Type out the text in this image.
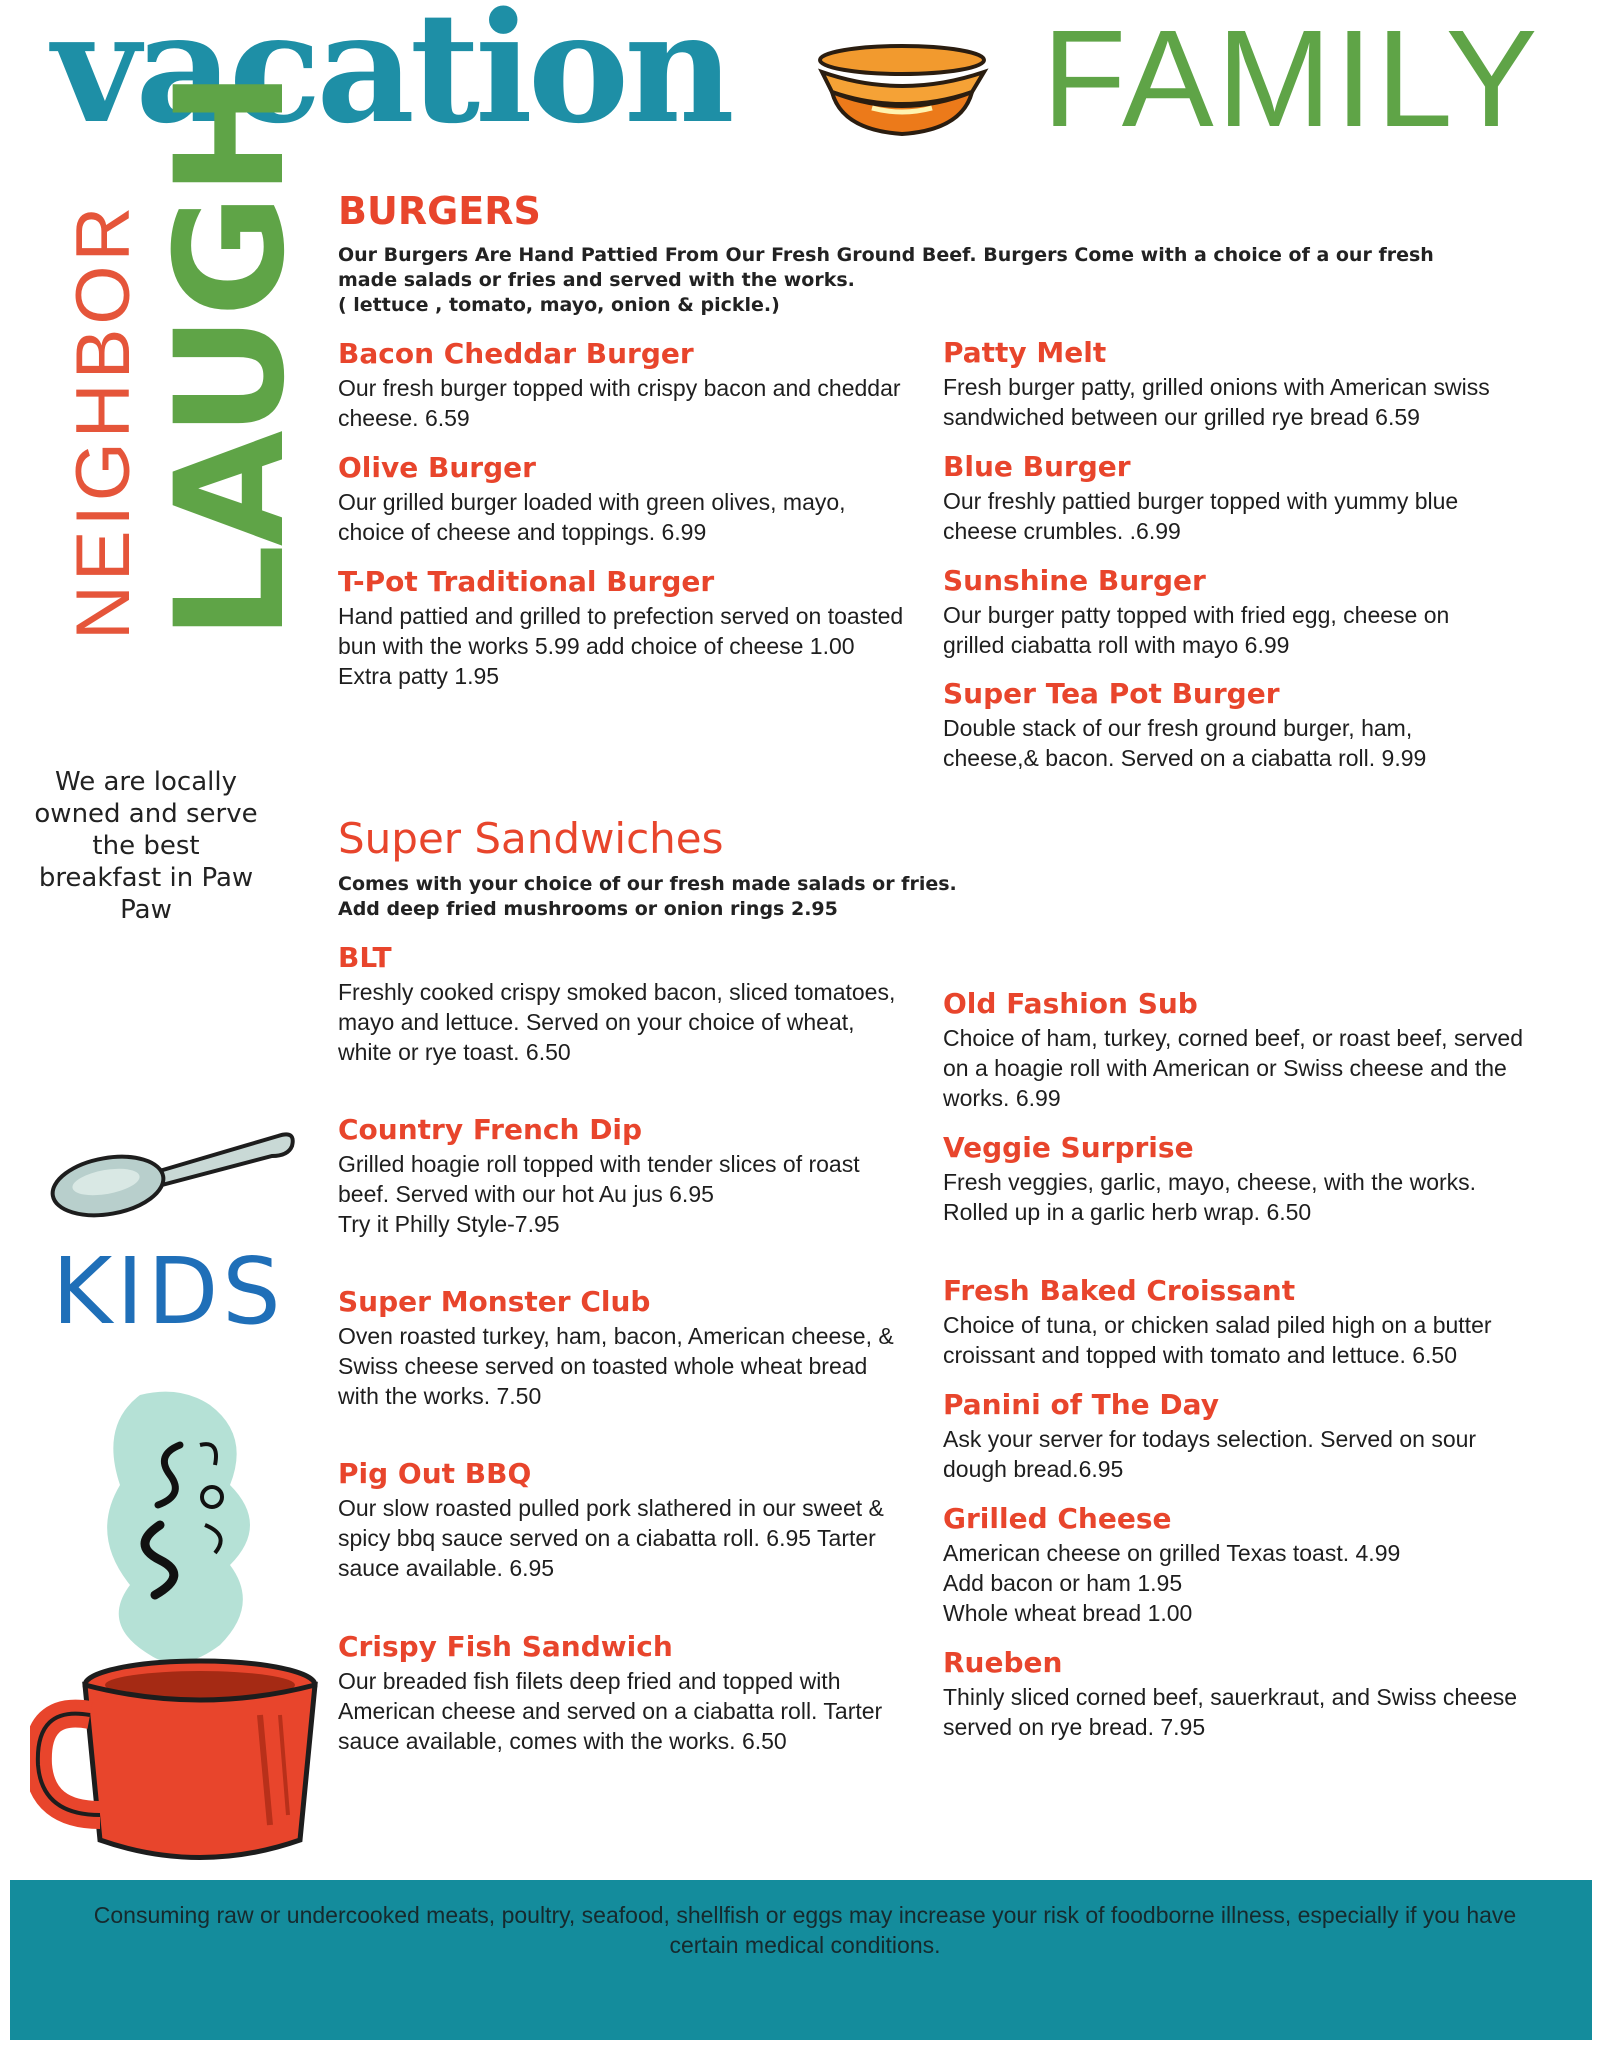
vacation FAMILY
NEIGHBOR
LAUGH
We are locally owned and serve the best breakfast in Paw Paw
KIDS
BURGERS
Our Burgers Are Hand Pattied From Our Fresh Ground Beef. Burgers Come with a choice of a our fresh made salads or fries and served with the works.
( lettuce , tomato, mayo, onion & pickle.)
Bacon Cheddar Burger
Our fresh burger topped with crispy bacon and cheddar cheese. 6.59
Olive Burger
Our grilled burger loaded with green olives, mayo, choice of cheese and toppings. 6.99
T-Pot Traditional Burger
Hand pattied and grilled to prefection served on toasted bun with the works 5.99 add choice of cheese 1.00 Extra patty 1.95
Patty Melt
Fresh burger patty, grilled onions with American swiss sandwiched between our grilled rye bread 6.59
Blue Burger
Our freshly pattied burger topped with yummy blue cheese crumbles. .6.99
Sunshine Burger
Our burger patty topped with fried egg, cheese on grilled ciabatta roll with mayo 6.99
Super Tea Pot Burger
Double stack of our fresh ground burger, ham, cheese,& bacon. Served on a ciabatta roll. 9.99
Super Sandwiches
Comes with your choice of our fresh made salads or fries.
Add deep fried mushrooms or onion rings 2.95
BLT
Freshly cooked crispy smoked bacon, sliced tomatoes, mayo and lettuce. Served on your choice of wheat, white or rye toast. 6.50
Country French Dip
Grilled hoagie roll topped with tender slices of roast beef. Served with our hot Au jus 6.95
Try it Philly Style-7.95
Super Monster Club
Oven roasted turkey, ham, bacon, American cheese, & Swiss cheese served on toasted whole wheat bread with the works. 7.50
Pig Out BBQ
Our slow roasted pulled pork slathered in our sweet & spicy bbq sauce served on a ciabatta roll. 6.95 Tarter sauce available. 6.95
Crispy Fish Sandwich
Our breaded fish filets deep fried and topped with American cheese and served on a ciabatta roll. Tarter sauce available, comes with the works. 6.50
Old Fashion Sub
Choice of ham, turkey, corned beef, or roast beef, served on a hoagie roll with American or Swiss cheese and the works. 6.99
Veggie Surprise
Fresh veggies, garlic, mayo, cheese, with the works. Rolled up in a garlic herb wrap. 6.50
Fresh Baked Croissant
Choice of tuna, or chicken salad piled high on a butter croissant and topped with tomato and lettuce. 6.50
Panini of The Day
Ask your server for todays selection. Served on sour dough bread.6.95
Grilled Cheese
American cheese on grilled Texas toast. 4.99
Add bacon or ham 1.95
Whole wheat bread 1.00
Rueben
Thinly sliced corned beef, sauerkraut, and Swiss cheese served on rye bread. 7.95
Consuming raw or undercooked meats, poultry, seafood, shellfish or eggs may increase your risk of foodborne illness, especially if you have certain medical conditions.
